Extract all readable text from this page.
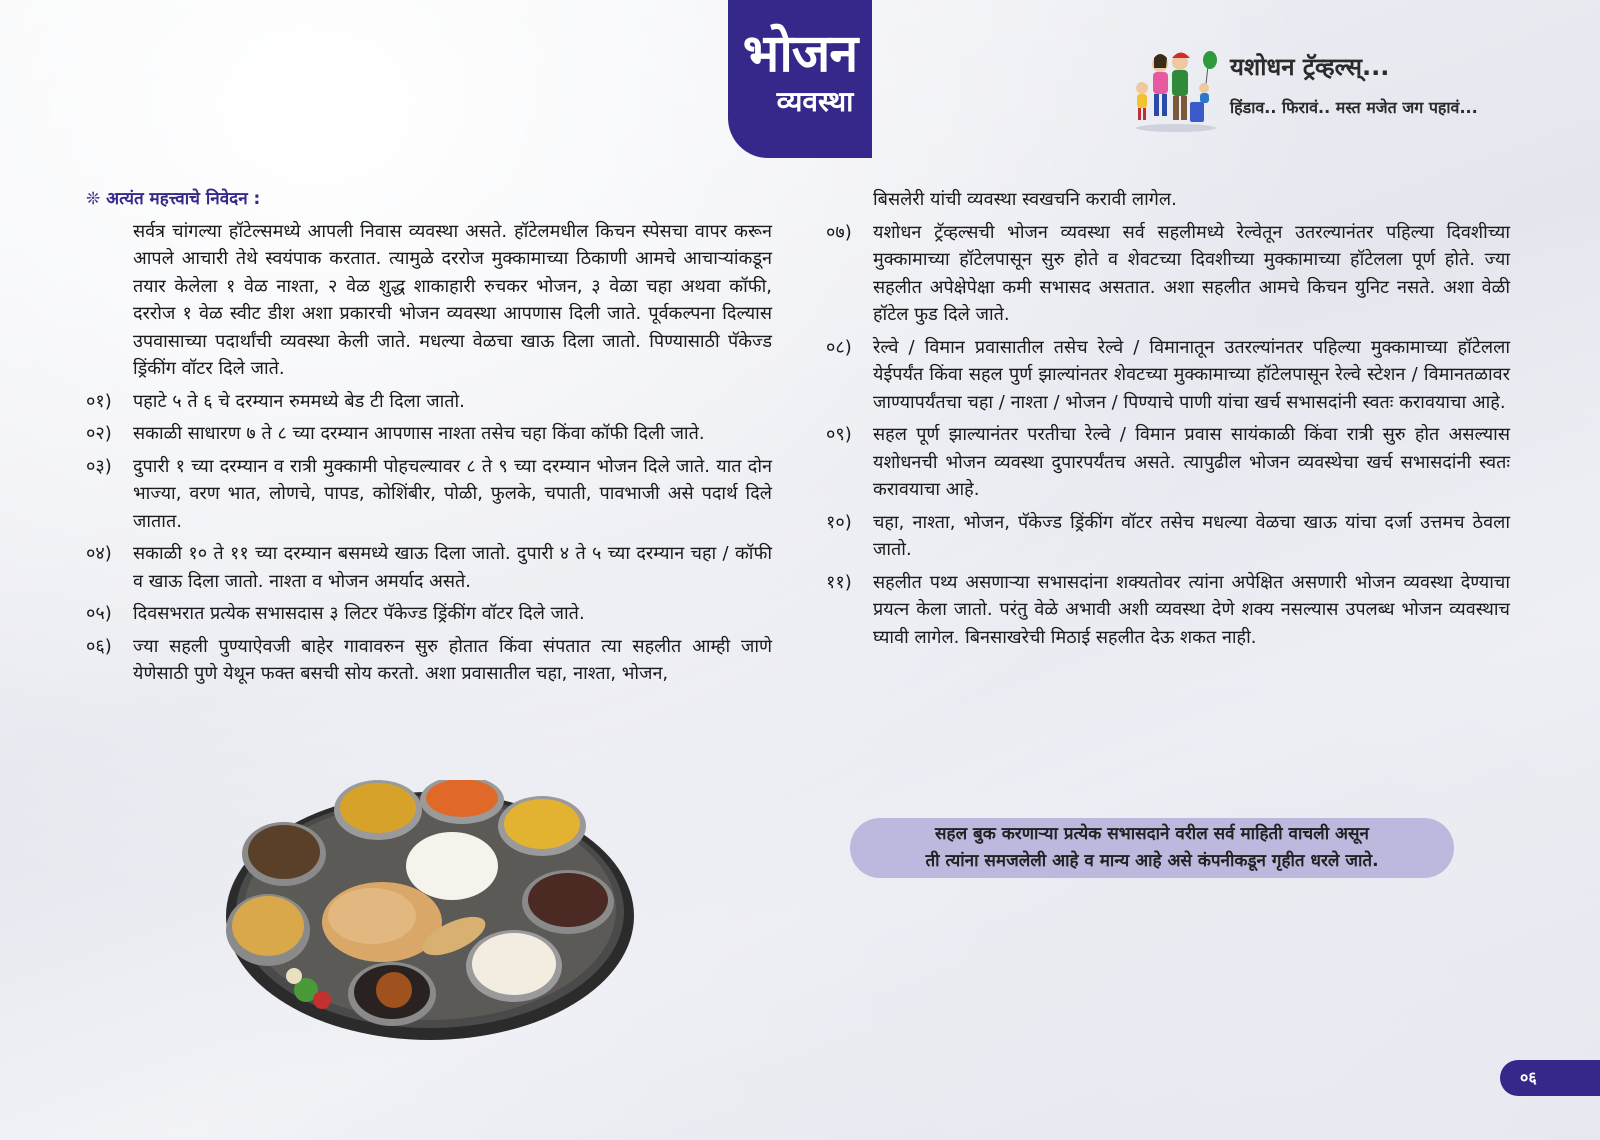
भोजन
व्यवस्था
यशोधन ट्रॅव्हल्स्...
हिंडाव.. फिरावं.. मस्त मजेत जग पहावं...
❊ अत्यंत महत्त्वाचे निवेदन :
सर्वत्र चांगल्या हॉटेल्समध्ये आपली निवास व्यवस्था असते. हॉटेलमधील किचन स्पेसचा वापर करून आपले आचारी तेथे स्वयंपाक करतात. त्यामुळे दररोज मुक्कामाच्या ठिकाणी आमचे आचाऱ्यांकडून तयार केलेला १ वेळ नाश्ता, २ वेळ शुद्ध शाकाहारी रुचकर भोजन, ३ वेळा चहा अथवा कॉफी, दररोज १ वेळ स्वीट डीश अशा प्रकारची भोजन व्यवस्था आपणास दिली जाते. पूर्वकल्पना दिल्यास उपवासाच्या पदार्थांची व्यवस्था केली जाते. मधल्या वेळचा खाऊ दिला जातो. पिण्यासाठी पॅकेज्ड ड्रिंकींग वॉटर दिले जाते.
०१)	पहाटे ५ ते ६ चे दरम्यान रुममध्ये बेड टी दिला जातो.
०२)	सकाळी साधारण ७ ते ८ च्या दरम्यान आपणास नाश्ता तसेच चहा किंवा कॉफी दिली जाते.
०३)	दुपारी १ च्या दरम्यान व रात्री मुक्कामी पोहचल्यावर ८ ते ९ च्या दरम्यान भोजन दिले जाते. यात दोन भाज्या, वरण भात, लोणचे, पापड, कोशिंबीर, पोळी, फुलके, चपाती, पावभाजी असे पदार्थ दिले जातात.
०४)	सकाळी १० ते ११ च्या दरम्यान बसमध्ये खाऊ दिला जातो. दुपारी ४ ते ५ च्या दरम्यान चहा / कॉफी व खाऊ दिला जातो. नाश्ता व भोजन अमर्याद असते.
०५)	दिवसभरात प्रत्येक सभासदास ३ लिटर पॅकेज्ड ड्रिंकींग वॉटर दिले जाते.
०६)	ज्या सहली पुण्याऐवजी बाहेर गावावरुन सुरु होतात किंवा संपतात त्या सहलीत आम्ही जाणे येणेसाठी पुणे येथून फक्त बसची सोय करतो. अशा प्रवासातील चहा, नाश्ता, भोजन,
बिसलेरी यांची व्यवस्था स्वखचनि करावी लागेल.
०७)	यशोधन ट्रॅव्हल्सची भोजन व्यवस्था सर्व सहलीमध्ये रेल्वेतून उतरल्यानंतर पहिल्या दिवशीच्या मुक्कामाच्या हॉटेलपासून सुरु होते व शेवटच्या दिवशीच्या मुक्कामाच्या हॉटेलला पूर्ण होते. ज्या सहलीत अपेक्षेपेक्षा कमी सभासद असतात. अशा सहलीत आमचे किचन युनिट नसते. अशा वेळी हॉटेल फुड दिले जाते.
०८)	रेल्वे / विमान प्रवासातील तसेच रेल्वे / विमानातून उतरल्यांनतर पहिल्या मुक्कामाच्या हॉटेलला येईपर्यंत किंवा सहल पुर्ण झाल्यांनतर शेवटच्या मुक्कामाच्या हॉटेलपासून रेल्वे स्टेशन / विमानतळावर जाण्यापर्यंतचा चहा / नाश्ता / भोजन / पिण्याचे पाणी यांचा खर्च सभासदांनी स्वतः करावयाचा आहे.
०९)	सहल पूर्ण झाल्यानंतर परतीचा रेल्वे / विमान प्रवास सायंकाळी किंवा रात्री सुरु होत असल्यास यशोधनची भोजन व्यवस्था दुपारपर्यंतच असते. त्यापुढील भोजन व्यवस्थेचा खर्च सभासदांनी स्वतः करावयाचा आहे.
१०)	चहा, नाश्ता, भोजन, पॅकेज्ड ड्रिंकींग वॉटर तसेच मधल्या वेळचा खाऊ यांचा दर्जा उत्तमच ठेवला जातो.
११)	सहलीत पथ्य असणाऱ्या सभासदांना शक्यतोवर त्यांना अपेक्षित असणारी भोजन व्यवस्था देण्याचा प्रयत्न केला जातो. परंतु वेळे अभावी अशी व्यवस्था देणे शक्य नसल्यास उपलब्ध भोजन व्यवस्थाच घ्यावी लागेल. बिनसाखरेची मिठाई सहलीत देऊ शकत नाही.
सहल बुक करणाऱ्या प्रत्येक सभासदाने वरील सर्व माहिती वाचली असून
ती त्यांना समजलेली आहे व मान्य आहे असे कंपनीकडून गृहीत धरले जाते.
०६
